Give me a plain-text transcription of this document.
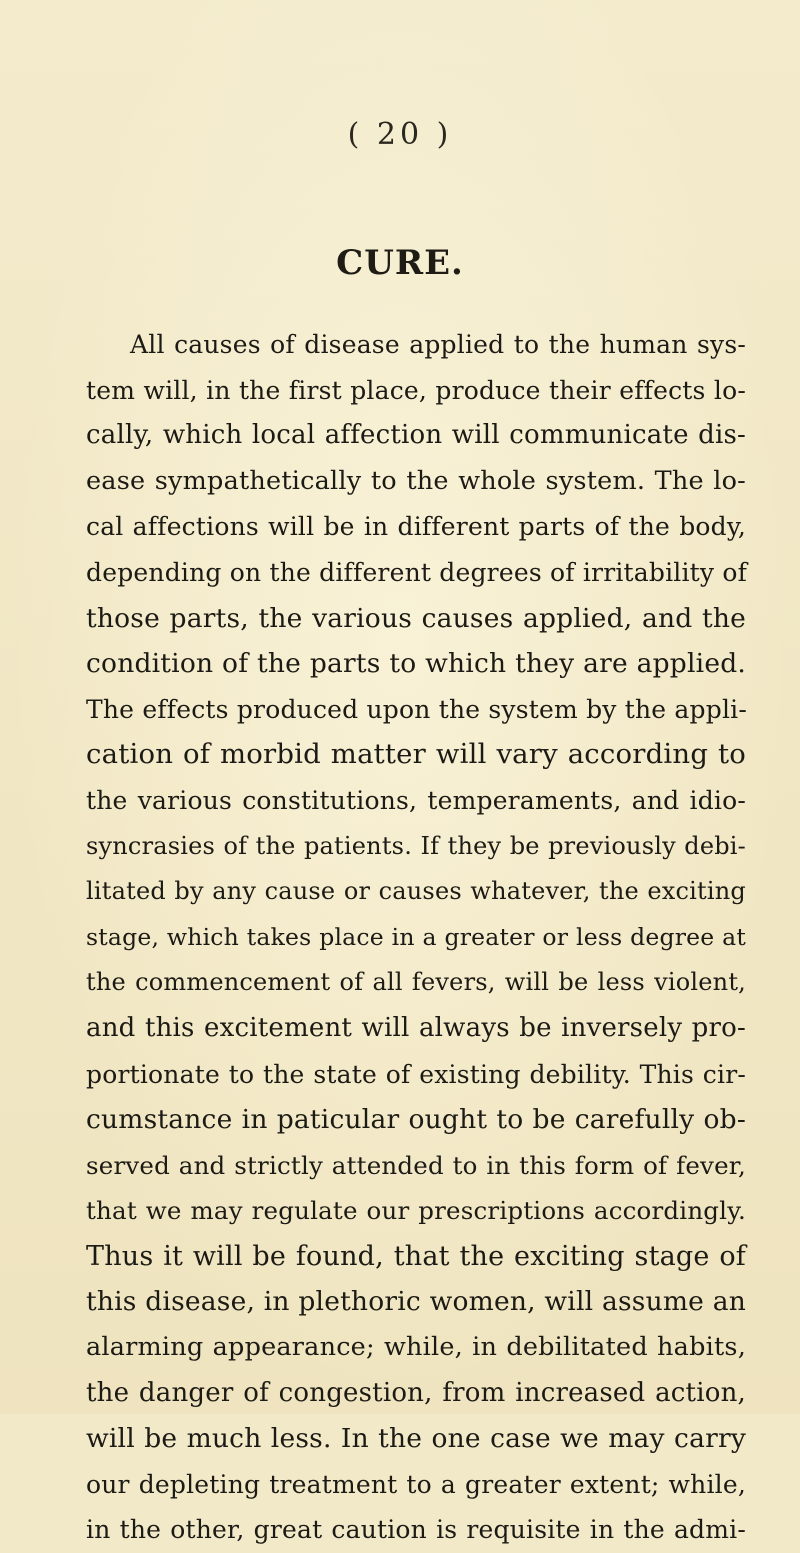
( 20 )
CURE.
All causes of disease applied to the human sys-
tem will, in the first place, produce their effects lo-
cally, which local affection will communicate dis-
ease sympathetically to the whole system. The lo-
cal affections will be in different parts of the body,
depending on the different degrees of irritability of
those parts, the various causes applied, and the
condition of the parts to which they are applied.
The effects produced upon the system by the appli-
cation of morbid matter will vary according to
the various constitutions, temperaments, and idio-
syncrasies of the patients. If they be previously debi-
litated by any cause or causes whatever, the exciting
stage, which takes place in a greater or less degree at
the commencement of all fevers, will be less violent,
and this excitement will always be inversely pro-
portionate to the state of existing debility. This cir-
cumstance in paticular ought to be carefully ob-
served and strictly attended to in this form of fever,
that we may regulate our prescriptions accordingly.
Thus it will be found, that the exciting stage of
this disease, in plethoric women, will assume an
alarming appearance; while, in debilitated habits,
the danger of congestion, from increased action,
will be much less. In the one case we may carry
our depleting treatment to a greater extent; while,
in the other, great caution is requisite in the admi-
